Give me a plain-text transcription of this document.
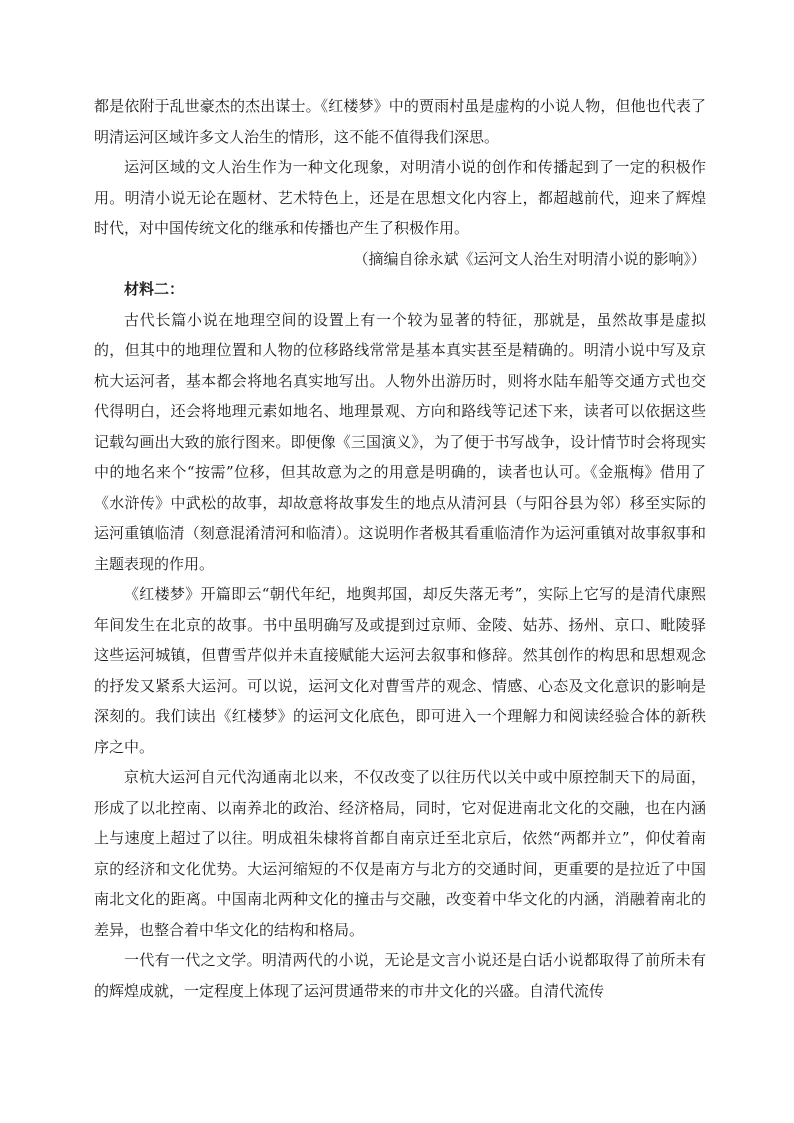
都是依附于乱世豪杰的杰出谋士。《红楼梦》中的贾雨村虽是虚构的小说人物，但他也代表了明清运河区域许多文人治生的情形，这不能不值得我们深思。

运河区域的文人治生作为一种文化现象，对明清小说的创作和传播起到了一定的积极作用。明清小说无论在题材、艺术特色上，还是在思想文化内容上，都超越前代，迎来了辉煌时代，对中国传统文化的继承和传播也产生了积极作用。

（摘编自徐永斌《运河文人治生对明清小说的影响》）

材料二：

古代长篇小说在地理空间的设置上有一个较为显著的特征，那就是，虽然故事是虚拟的，但其中的地理位置和人物的位移路线常常是基本真实甚至是精确的。明清小说中写及京杭大运河者，基本都会将地名真实地写出。人物外出游历时，则将水陆车船等交通方式也交代得明白，还会将地理元素如地名、地理景观、方向和路线等记述下来，读者可以依据这些记载勾画出大致的旅行图来。即便像《三国演义》，为了便于书写战争，设计情节时会将现实中的地名来个“按需”位移，但其故意为之的用意是明确的，读者也认可。《金瓶梅》借用了《水浒传》中武松的故事，却故意将故事发生的地点从清河县（与阳谷县为邻）移至实际的运河重镇临清（刻意混淆清河和临清）。这说明作者极其看重临清作为运河重镇对故事叙事和主题表现的作用。

《红楼梦》开篇即云“朝代年纪，地舆邦国，却反失落无考”，实际上它写的是清代康熙年间发生在北京的故事。书中虽明确写及或提到过京师、金陵、姑苏、扬州、京口、毗陵驿这些运河城镇，但曹雪芹似并未直接赋能大运河去叙事和修辞。然其创作的构思和思想观念的抒发又紧系大运河。可以说，运河文化对曹雪芹的观念、情感、心态及文化意识的影响是深刻的。我们读出《红楼梦》的运河文化底色，即可进入一个理解力和阅读经验合体的新秩序之中。

京杭大运河自元代沟通南北以来，不仅改变了以往历代以关中或中原控制天下的局面，形成了以北控南、以南养北的政治、经济格局，同时，它对促进南北文化的交融，也在内涵上与速度上超过了以往。明成祖朱棣将首都自南京迁至北京后，依然“两都并立”，仰仗着南京的经济和文化优势。大运河缩短的不仅是南方与北方的交通时间，更重要的是拉近了中国南北文化的距离。中国南北两种文化的撞击与交融，改变着中华文化的内涵，消融着南北的差异，也整合着中华文化的结构和格局。

一代有一代之文学。明清两代的小说，无论是文言小说还是白话小说都取得了前所未有的辉煌成就，一定程度上体现了运河贯通带来的市井文化的兴盛。自清代流传
